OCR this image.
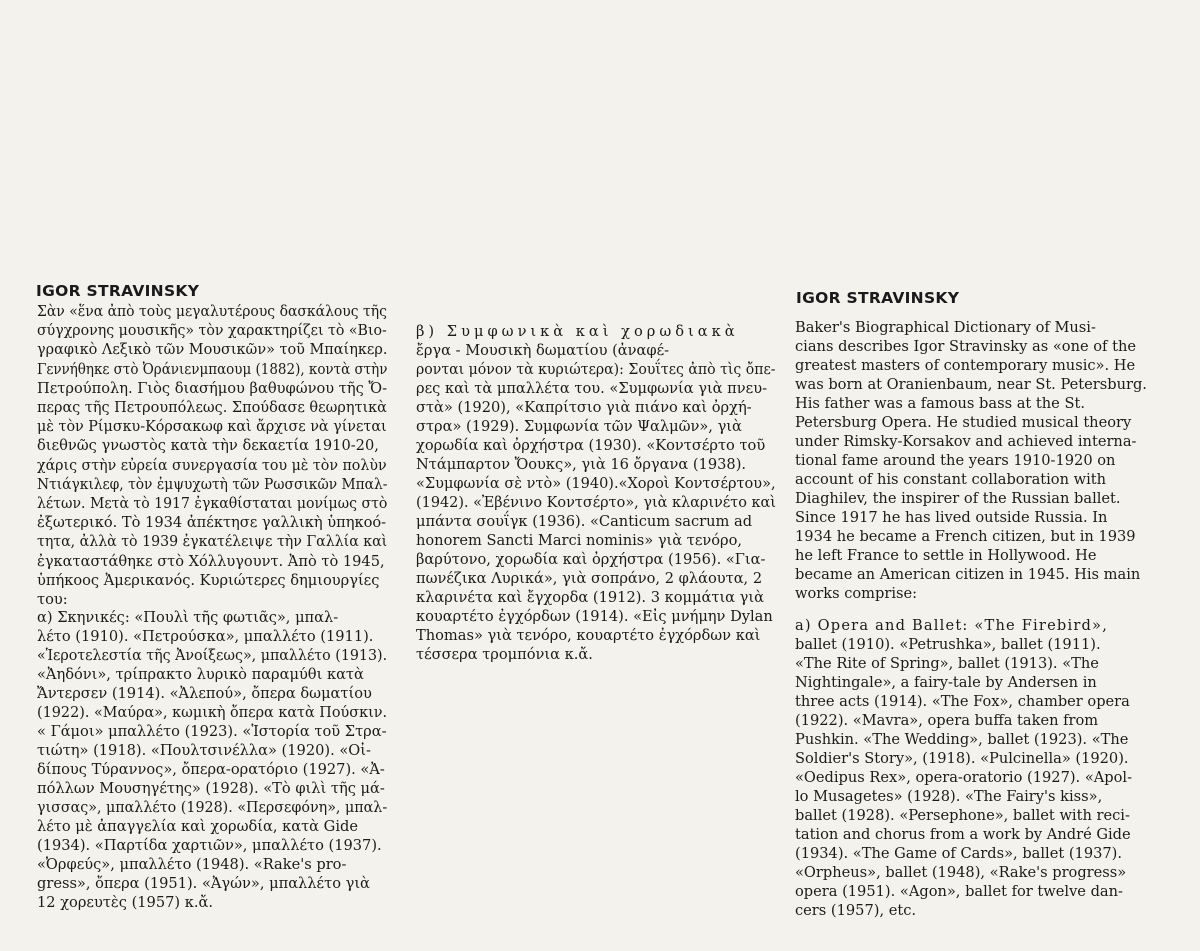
IGOR STRAVINSKY
Σὰν «ἕνα ἀπὸ τοὺς μεγαλυτέρους δασκάλους τῆς
σύγχρονης μουσικῆς» τὸν χαρακτηρίζει τὸ «Βιο-
γραφικὸ Λεξικὸ τῶν Μουσικῶν» τοῦ Μπαίηκερ.
Γεννήθηκε στὸ Ὀράνιενμπαουμ (1882), κοντὰ στὴν
Πετρούπολη. Γιὸς διασήμου βαθυφώνου τῆς Ὄ-
περας τῆς Πετρουπόλεως. Σπούδασε θεωρητικὰ
μὲ τὸν Ρίμσκυ-Κόρσακωφ καὶ ἄρχισε νὰ γίνεται
διεθνῶς γνωστὸς κατὰ τὴν δεκαετία 1910-20,
χάρις στὴν εὐρεία συνεργασία του μὲ τὸν πολὺν
Ντιάγκιλεφ, τὸν ἐμψυχωτὴ τῶν Ρωσσικῶν Μπαλ-
λέτων. Μετὰ τὸ 1917 ἐγκαθίσταται μονίμως στὸ
ἐξωτερικό. Τὸ 1934 ἀπέκτησε γαλλικὴ ὑπηκοό-
τητα, ἀλλὰ τὸ 1939 ἐγκατέλειψε τὴν Γαλλία καὶ
ἐγκαταστάθηκε στὸ Χόλλυγουντ. Ἀπὸ τὸ 1945,
ὑπήκοος Ἀμερικανός. Κυριώτερες δημιουργίες
του:
α) Σκηνικές: «Πουλὶ τῆς φωτιᾶς», μπαλ-
λέτο (1910). «Πετρούσκα», μπαλλέτο (1911).
«Ἱεροτελεστία τῆς Ἀνοίξεως», μπαλλέτο (1913).
«Ἀηδόνι», τρίπρακτο λυρικὸ παραμύθι κατὰ
Ἄντερσεν (1914). «Ἀλεπού», ὄπερα δωματίου
(1922). «Μαύρα», κωμικὴ ὄπερα κατὰ Πούσκιν.
« Γάμοι» μπαλλέτο (1923). «Ἱστορία τοῦ Στρα-
τιώτη» (1918). «Πουλτσινέλλα» (1920). «Οἰ-
δίπους Τύραννος», ὄπερα-ορατόριο (1927). «Ἀ-
πόλλων Μουσηγέτης» (1928). «Τὸ φιλὶ τῆς μά-
γισσας», μπαλλέτο (1928). «Περσεφόνη», μπαλ-
λέτο μὲ ἀπαγγελία καὶ χορωδία, κατὰ Gide
(1934). «Παρτίδα χαρτιῶν», μπαλλέτο (1937).
«Ὀρφεύς», μπαλλέτο (1948). «Rake's pro-
gress», ὄπερα (1951). «Ἀγών», μπαλλέτο γιὰ
12 χορευτὲς (1957) κ.ἄ.
β) Συμφωνικὰ καὶ χορωδιακὰ
ἔργα - Μουσικὴ δωματίου (ἀναφέ-
ρονται μόνον τὰ κυριώτερα): Σουΐτες ἀπὸ τὶς ὄπε-
ρες καὶ τὰ μπαλλέτα του. «Συμφωνία γιὰ πνευ-
στὰ» (1920), «Καπρίτσιο γιὰ πιάνο καὶ ὀρχή-
στρα» (1929). Συμφωνία τῶν Ψαλμῶν», γιὰ
χορωδία καὶ ὀρχήστρα (1930). «Κοντσέρτο τοῦ
Ντάμπαρτον Ὄουκς», γιὰ 16 ὄργανα (1938).
«Συμφωνία σὲ ντὸ» (1940).«Χοροὶ Κοντσέρτου»,
(1942). «Ἐβένινο Κοντσέρτο», γιὰ κλαρινέτο καὶ
μπάντα σουΐγκ (1936). «Canticum sacrum ad
honorem Sancti Marci nominis» γιὰ τενόρο,
βαρύτονο, χορωδία καὶ ὀρχήστρα (1956). «Για-
πωνέζικα Λυρικά», γιὰ σοπράνο, 2 φλάουτα, 2
κλαρινέτα καὶ ἔγχορδα (1912). 3 κομμάτια γιὰ
κουαρτέτο ἐγχόρδων (1914). «Εἰς μνήμην Dylan
Thomas» γιὰ τενόρο, κουαρτέτο ἐγχόρδων καὶ
τέσσερα τρομπόνια κ.ἄ.
IGOR STRAVINSKY
Baker's Biographical Dictionary of Musi-
cians describes Igor Stravinsky as «one of the
greatest masters of contemporary music». He
was born at Oranienbaum, near St. Petersburg.
His father was a famous bass at the St.
Petersburg Opera. He studied musical theory
under Rimsky-Korsakov and achieved interna-
tional fame around the years 1910-1920 on
account of his constant collaboration with
Diaghilev, the inspirer of the Russian ballet.
Since 1917 he has lived outside Russia. In
1934 he became a French citizen, but in 1939
he left France to settle in Hollywood. He
became an American citizen in 1945. His main
works comprise:
a) Opera and Ballet: «The Firebird»,
ballet (1910). «Petrushka», ballet (1911).
«The Rite of Spring», ballet (1913). «The
Nightingale», a fairy-tale by Andersen in
three acts (1914). «The Fox», chamber opera
(1922). «Mavra», opera buffa taken from
Pushkin. «The Wedding», ballet (1923). «The
Soldier's Story», (1918). «Pulcinella» (1920).
«Oedipus Rex», opera-oratorio (1927). «Apol-
lo Musagetes» (1928). «The Fairy's kiss»,
ballet (1928). «Persephone», ballet with reci-
tation and chorus from a work by André Gide
(1934). «The Game of Cards», ballet (1937).
«Orpheus», ballet (1948), «Rake's progress»
opera (1951). «Agon», ballet for twelve dan-
cers (1957), etc.
